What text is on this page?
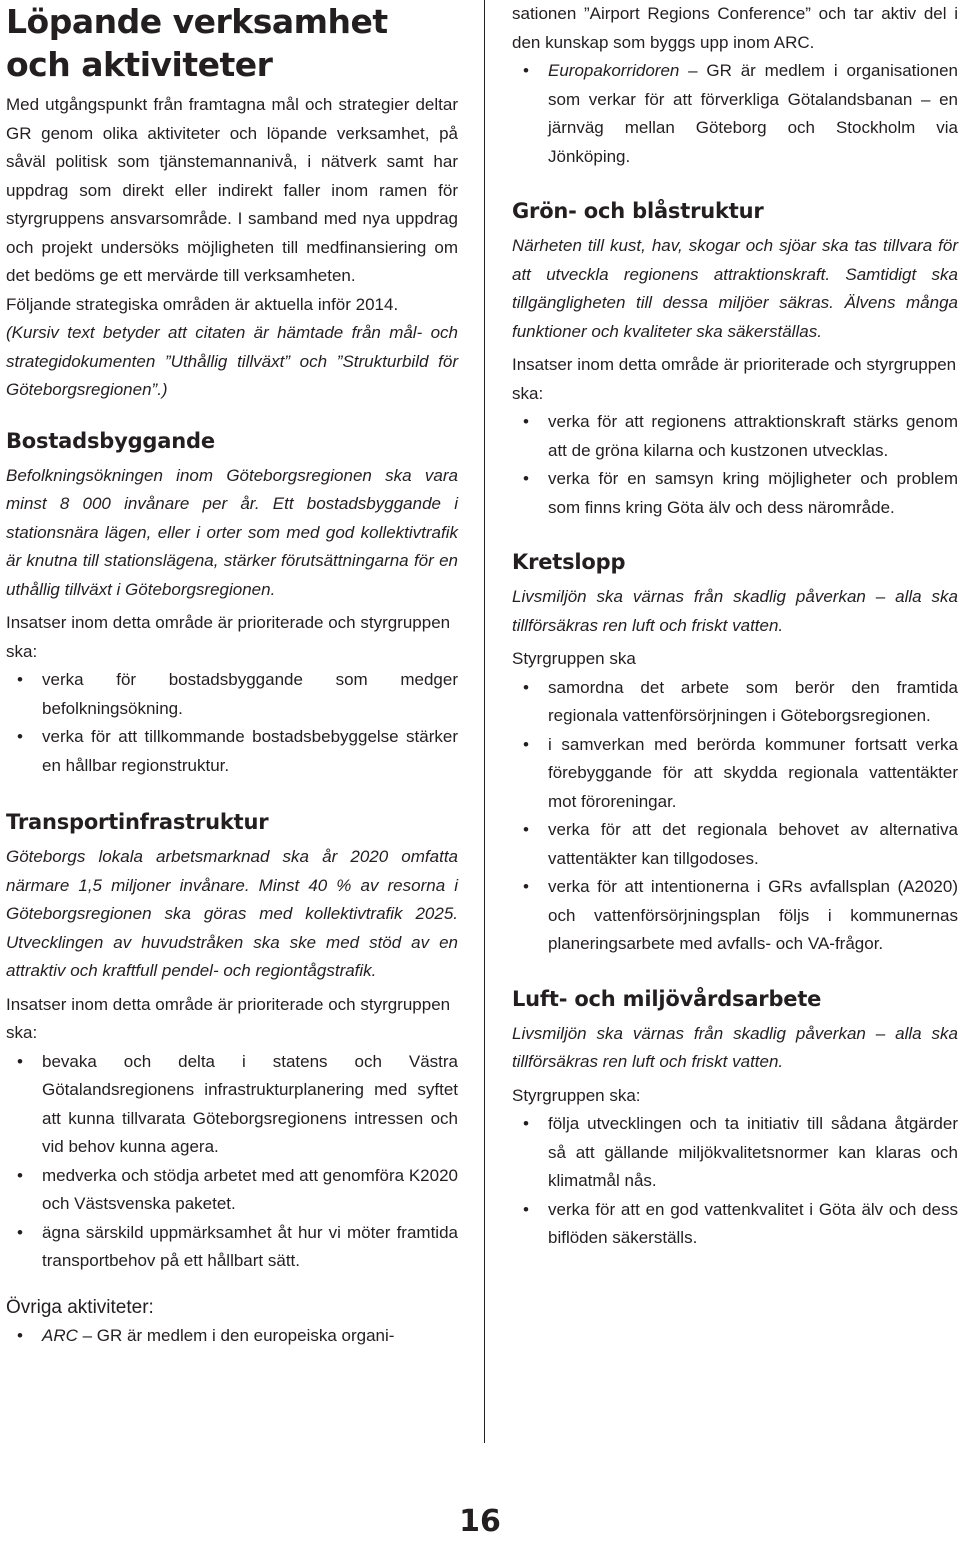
Löpande verksamhet och aktiviteter

Med utgångspunkt från framtagna mål och strategier deltar GR genom olika aktiviteter och löpande verksamhet, på såväl politisk som tjänstemannanivå, i nätverk samt har uppdrag som direkt eller indirekt faller inom ramen för styrgruppens ansvarsområde. I samband med nya uppdrag och projekt undersöks möjligheten till medfinansiering om det bedöms ge ett mervärde till verksamheten.

Följande strategiska områden är aktuella inför 2014.

(Kursiv text betyder att citaten är hämtade från mål- och strategidokumenten ”Uthållig tillväxt” och ”Strukturbild för Göteborgsregionen”.)

Bostadsbyggande

Befolkningsökningen inom Göteborgsregionen ska vara minst 8 000 invånare per år. Ett bostadsbyggande i stationsnära lägen, eller i orter som med god kollektivtrafik är knutna till stationslägena, stärker förutsättningarna för en uthållig tillväxt i Göteborgsregionen.

Insatser inom detta område är prioriterade och styrgruppen ska:

• verka för bostadsbyggande som medger befolkningsökning.
• verka för att tillkommande bostadsbebyggelse stärker en hållbar regionstruktur.
Transportinfrastruktur

Göteborgs lokala arbetsmarknad ska år 2020 omfatta närmare 1,5 miljoner invånare. Minst 40 % av resorna i Göteborgsregionen ska göras med kollektivtrafik 2025. Utvecklingen av huvudstråken ska ske med stöd av en attraktiv och kraftfull pendel- och regiontågstrafik.

Insatser inom detta område är prioriterade och styrgruppen ska:

• bevaka och delta i statens och Västra Götalandsregionens infrastrukturplanering med syftet att kunna tillvarata Göteborgsregionens intressen och vid behov kunna agera.
• medverka och stödja arbetet med att genomföra K2020 och Västsvenska paketet.
• ägna särskild uppmärksamhet åt hur vi möter framtida transportbehov på ett hållbart sätt.
Övriga aktiviteter:
• ARC – GR är medlem i den europeiska organi-
sationen ”Airport Regions Conference” och tar aktiv del i den kunskap som byggs upp inom ARC.
• Europakorridoren – GR är medlem i organisationen som verkar för att förverkliga Götalandsbanan – en järnväg mellan Göteborg och Stockholm via Jönköping.
Grön- och blåstruktur

Närheten till kust, hav, skogar och sjöar ska tas tillvara för att utveckla regionens attraktionskraft. Samtidigt ska tillgängligheten till dessa miljöer säkras. Älvens många funktioner och kvaliteter ska säkerställas.

Insatser inom detta område är prioriterade och styrgruppen ska:

• verka för att regionens attraktionskraft stärks genom att de gröna kilarna och kustzonen utvecklas.
• verka för en samsyn kring möjligheter och problem som finns kring Göta älv och dess närområde.
Kretslopp

Livsmiljön ska värnas från skadlig påverkan – alla ska tillförsäkras ren luft och friskt vatten.

Styrgruppen ska

• samordna det arbete som berör den framtida regionala vattenförsörjningen i Göteborgsregionen.
• i samverkan med berörda kommuner fortsatt verka förebyggande för att skydda regionala vattentäkter mot föroreningar.
• verka för att det regionala behovet av alternativa vattentäkter kan tillgodoses.
• verka för att intentionerna i GRs avfallsplan (A2020) och vattenförsörjningsplan följs i kommunernas planeringsarbete med avfalls- och VA-frågor.
Luft- och miljövårdsarbete

Livsmiljön ska värnas från skadlig påverkan – alla ska tillförsäkras ren luft och friskt vatten.

Styrgruppen ska:

• följa utvecklingen och ta initiativ till sådana åtgärder så att gällande miljökvalitetsnormer kan klaras och klimatmål nås.
• verka för att en god vattenkvalitet i Göta älv och dess biflöden säkerställs.
16
